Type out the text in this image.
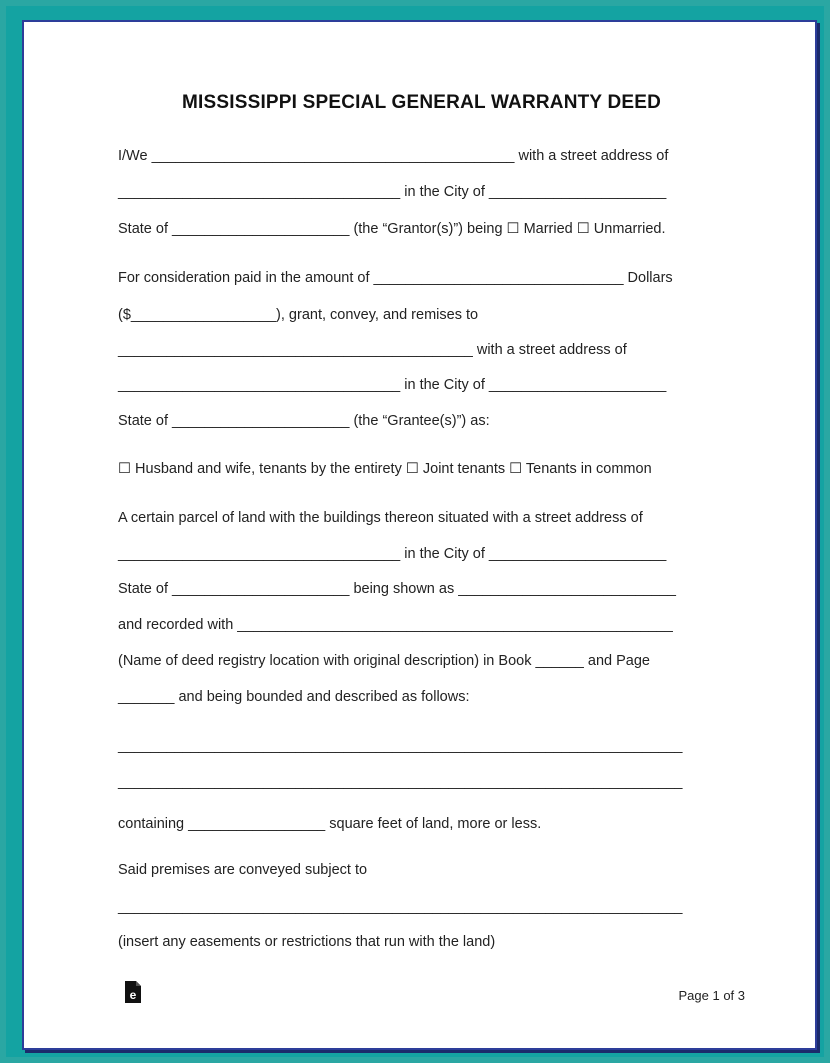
MISSISSIPPI SPECIAL GENERAL WARRANTY DEED
I/We _____________________________________________ with a street address of
___________________________________ in the City of ______________________
State of ______________________ (the “Grantor(s)”) being ☐ Married ☐ Unmarried.
For consideration paid in the amount of _______________________________ Dollars
($__________________), grant, convey, and remises to
____________________________________________ with a street address of
___________________________________ in the City of ______________________
State of ______________________ (the “Grantee(s)”) as:
☐ Husband and wife, tenants by the entirety ☐ Joint tenants ☐ Tenants in common
A certain parcel of land with the buildings thereon situated with a street address of
___________________________________ in the City of ______________________
State of ______________________ being shown as ___________________________
and recorded with ______________________________________________________
(Name of deed registry location with original description) in Book ______ and Page
_______ and being bounded and described as follows:
______________________________________________________________________
______________________________________________________________________
containing _________________ square feet of land, more or less.
Said premises are conveyed subject to
______________________________________________________________________
(insert any easements or restrictions that run with the land)
e	Page 1 of 3
